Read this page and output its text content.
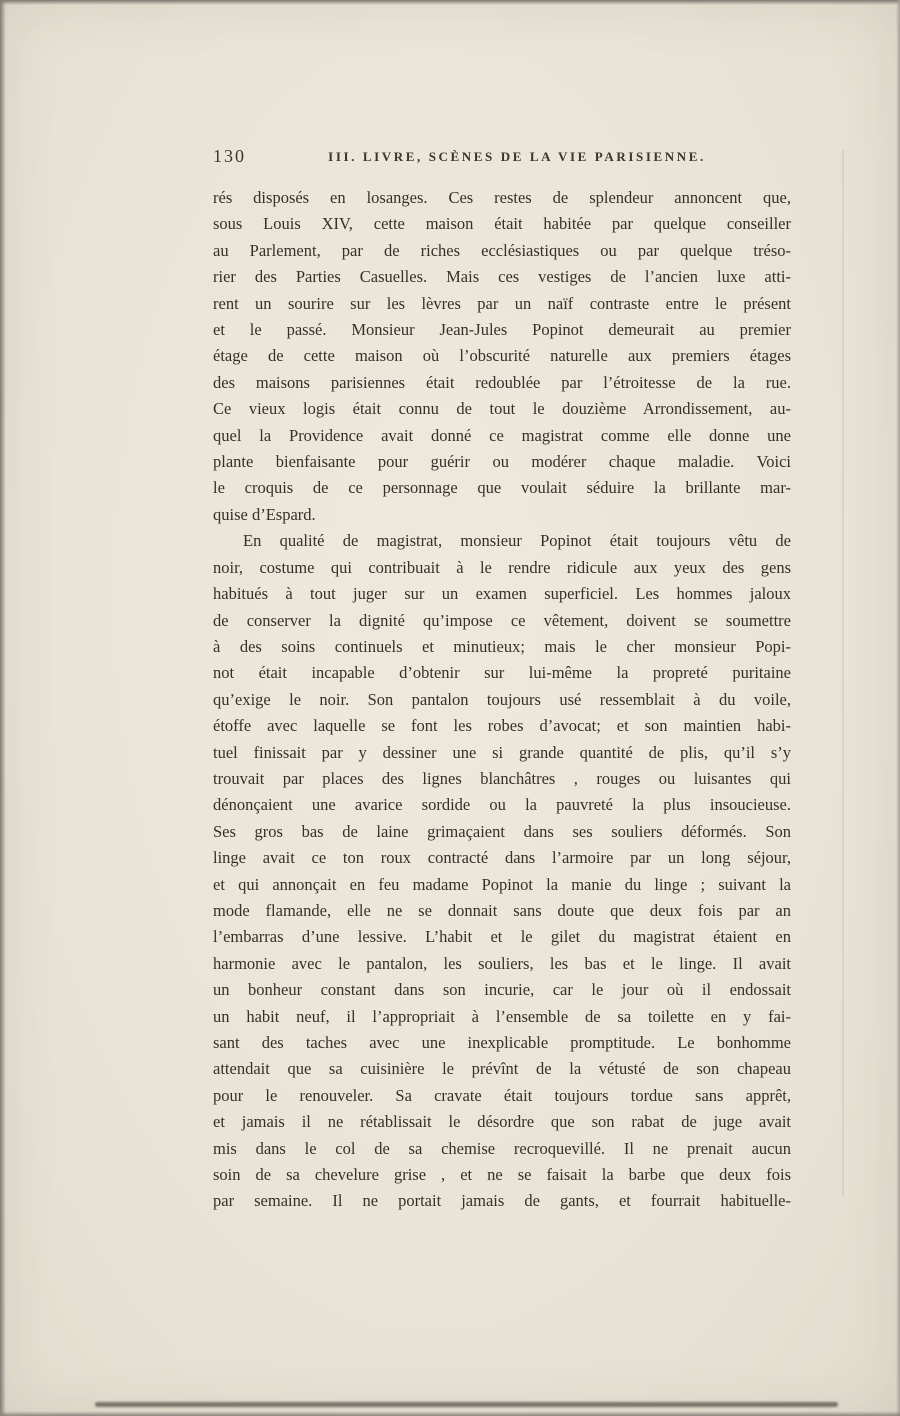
130	III. LIVRE, SCÈNES DE LA VIE PARISIENNE.
rés disposés en losanges. Ces restes de splendeur annoncent que,
sous Louis XIV, cette maison était habitée par quelque conseiller
au Parlement, par de riches ecclésiastiques ou par quelque tréso-
rier des Parties Casuelles. Mais ces vestiges de l’ancien luxe atti-
rent un sourire sur les lèvres par un naïf contraste entre le présent
et le passé. Monsieur Jean-Jules Popinot demeurait au premier
étage de cette maison où l’obscurité naturelle aux premiers étages
des maisons parisiennes était redoublée par l’étroitesse de la rue.
Ce vieux logis était connu de tout le douzième Arrondissement, au-
quel la Providence avait donné ce magistrat comme elle donne une
plante bienfaisante pour guérir ou modérer chaque maladie. Voici
le croquis de ce personnage que voulait séduire la brillante mar-
quise d’Espard.
En qualité de magistrat, monsieur Popinot était toujours vêtu de
noir, costume qui contribuait à le rendre ridicule aux yeux des gens
habitués à tout juger sur un examen superficiel. Les hommes jaloux
de conserver la dignité qu’impose ce vêtement, doivent se soumettre
à des soins continuels et minutieux; mais le cher monsieur Popi-
not était incapable d’obtenir sur lui-même la propreté puritaine
qu’exige le noir. Son pantalon toujours usé ressemblait à du voile,
étoffe avec laquelle se font les robes d’avocat; et son maintien habi-
tuel finissait par y dessiner une si grande quantité de plis, qu’il s’y
trouvait par places des lignes blanchâtres , rouges ou luisantes qui
dénonçaient une avarice sordide ou la pauvreté la plus insoucieuse.
Ses gros bas de laine grimaçaient dans ses souliers déformés. Son
linge avait ce ton roux contracté dans l’armoire par un long séjour,
et qui annonçait en feu madame Popinot la manie du linge ; suivant la
mode flamande, elle ne se donnait sans doute que deux fois par an
l’embarras d’une lessive. L’habit et le gilet du magistrat étaient en
harmonie avec le pantalon, les souliers, les bas et le linge. Il avait
un bonheur constant dans son incurie, car le jour où il endossait
un habit neuf, il l’appropriait à l’ensemble de sa toilette en y fai-
sant des taches avec une inexplicable promptitude. Le bonhomme
attendait que sa cuisinière le prévînt de la vétusté de son chapeau
pour le renouveler. Sa cravate était toujours tordue sans apprêt,
et jamais il ne rétablissait le désordre que son rabat de juge avait
mis dans le col de sa chemise recroquevillé. Il ne prenait aucun
soin de sa chevelure grise , et ne se faisait la barbe que deux fois
par semaine. Il ne portait jamais de gants, et fourrait habituelle-
